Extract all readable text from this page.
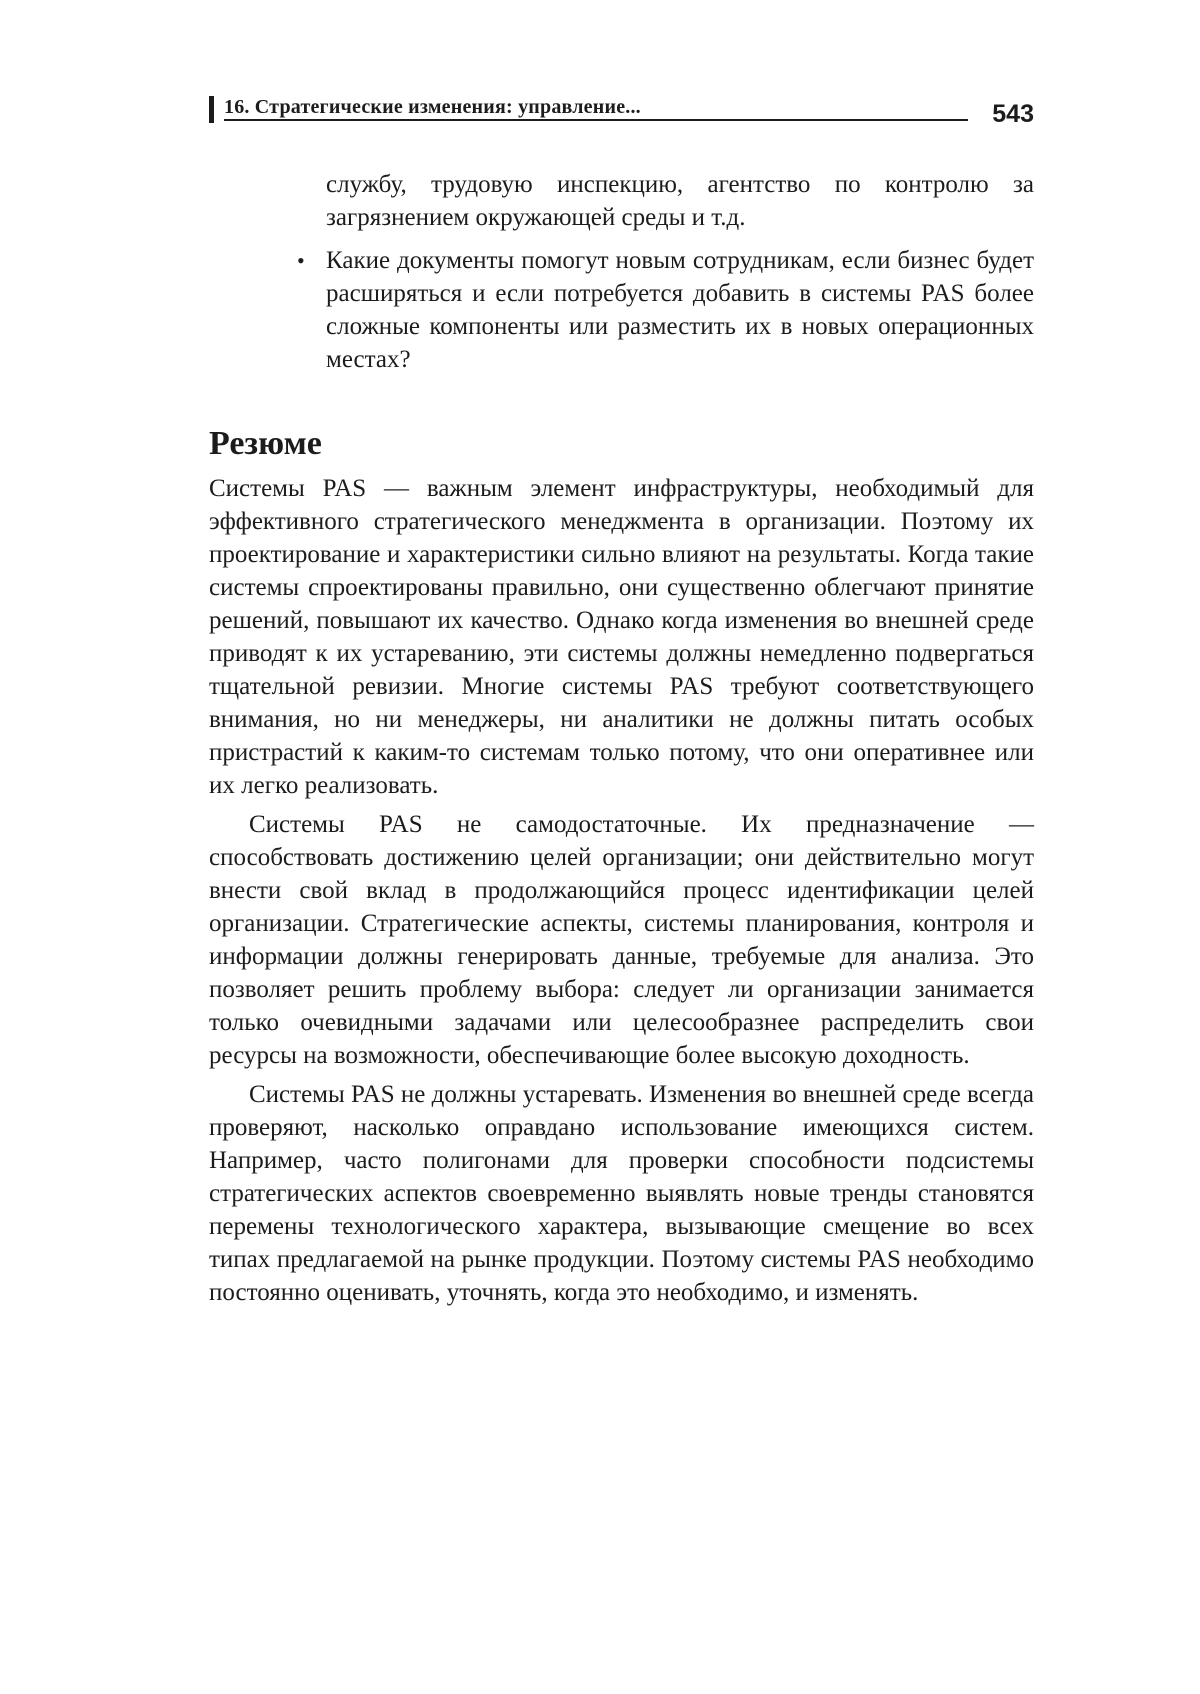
16. Стратегические изменения: управление...	543

службу, трудовую инспекцию, агентство по контролю за загрязнением окружающей среды и т.д.

• Какие документы помогут новым сотрудникам, если бизнес будет расширяться и если потребуется добавить в системы PAS более сложные компоненты или разместить их в новых операционных местах?
Резюме

Системы PAS — важным элемент инфраструктуры, необходимый для эффективного стратегического менеджмента в организации. Поэтому их проектирование и характеристики сильно влияют на результаты. Когда такие системы спроектированы правильно, они существенно облегчают принятие решений, повышают их качество. Однако когда изменения во внешней среде приводят к их устареванию, эти системы должны немедленно подвергаться тщательной ревизии. Многие системы PAS требуют соответствующего внимания, но ни менеджеры, ни аналитики не должны питать особых пристрастий к каким-то системам только потому, что они оперативнее или их легко реализовать.

Системы PAS не самодостаточные. Их предназначение — способствовать достижению целей организации; они действительно могут внести свой вклад в продолжающийся процесс идентификации целей организации. Стратегические аспекты, системы планирования, контроля и информации должны генерировать данные, требуемые для анализа. Это позволяет решить проблему выбора: следует ли организации занимается только очевидными задачами или целесообразнее распределить свои ресурсы на возможности, обеспечивающие более высокую доходность.

Системы PAS не должны устаревать. Изменения во внешней среде всегда проверяют, насколько оправдано использование имеющихся систем. Например, часто полигонами для проверки способности подсистемы стратегических аспектов своевременно выявлять новые тренды становятся перемены технологического характера, вызывающие смещение во всех типах предлагаемой на рынке продукции. Поэтому системы PAS необходимо постоянно оценивать, уточнять, когда это необходимо, и изменять.
